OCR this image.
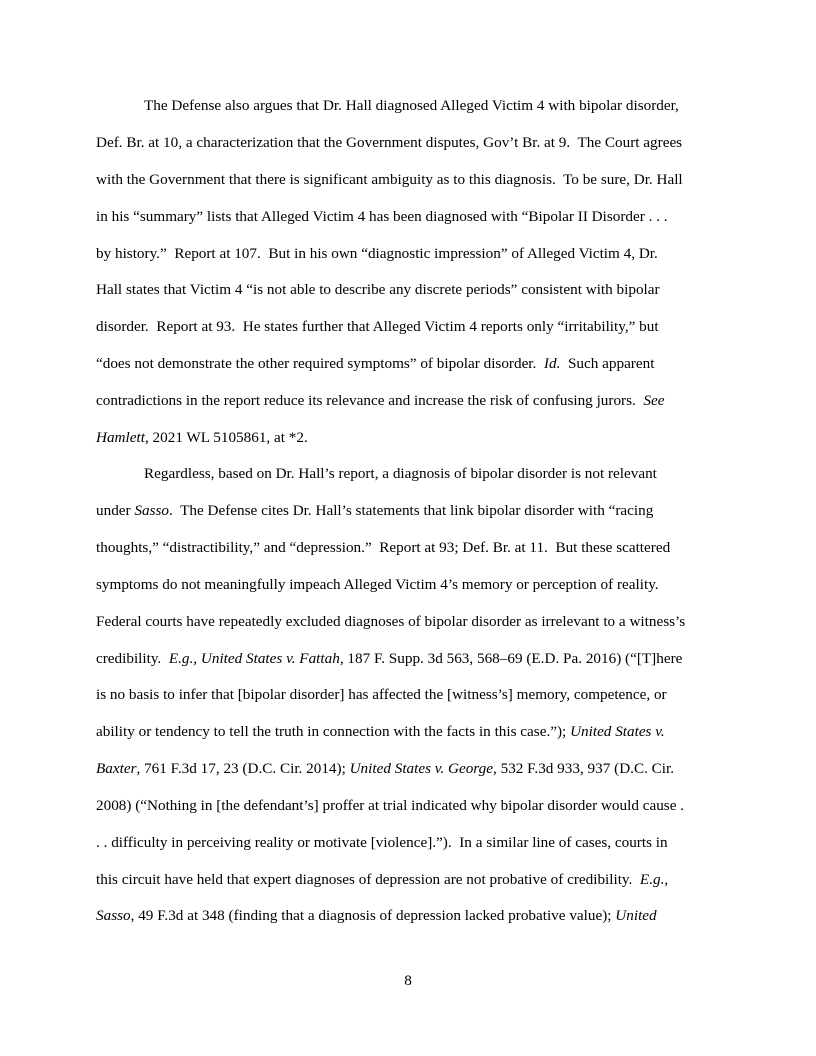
The Defense also argues that Dr. Hall diagnosed Alleged Victim 4 with bipolar disorder,
Def. Br. at 10, a characterization that the Government disputes, Gov’t Br. at 9.  The Court agrees
with the Government that there is significant ambiguity as to this diagnosis.  To be sure, Dr. Hall
in his “summary” lists that Alleged Victim 4 has been diagnosed with “Bipolar II Disorder . . .
by history.”  Report at 107.  But in his own “diagnostic impression” of Alleged Victim 4, Dr.
Hall states that Victim 4 “is not able to describe any discrete periods” consistent with bipolar
disorder.  Report at 93.  He states further that Alleged Victim 4 reports only “irritability,” but
“does not demonstrate the other required symptoms” of bipolar disorder.  Id.  Such apparent
contradictions in the report reduce its relevance and increase the risk of confusing jurors.  See
Hamlett, 2021 WL 5105861, at *2.
Regardless, based on Dr. Hall’s report, a diagnosis of bipolar disorder is not relevant
under Sasso.  The Defense cites Dr. Hall’s statements that link bipolar disorder with “racing
thoughts,” “distractibility,” and “depression.”  Report at 93; Def. Br. at 11.  But these scattered
symptoms do not meaningfully impeach Alleged Victim 4’s memory or perception of reality.
Federal courts have repeatedly excluded diagnoses of bipolar disorder as irrelevant to a witness’s
credibility.  E.g., United States v. Fattah, 187 F. Supp. 3d 563, 568–69 (E.D. Pa. 2016) (“[T]here
is no basis to infer that [bipolar disorder] has affected the [witness’s] memory, competence, or
ability or tendency to tell the truth in connection with the facts in this case.”); United States v.
Baxter, 761 F.3d 17, 23 (D.C. Cir. 2014); United States v. George, 532 F.3d 933, 937 (D.C. Cir.
2008) (“Nothing in [the defendant’s] proffer at trial indicated why bipolar disorder would cause .
. . difficulty in perceiving reality or motivate [violence].”).  In a similar line of cases, courts in
this circuit have held that expert diagnoses of depression are not probative of credibility.  E.g.,
Sasso, 49 F.3d at 348 (finding that a diagnosis of depression lacked probative value); United
8
